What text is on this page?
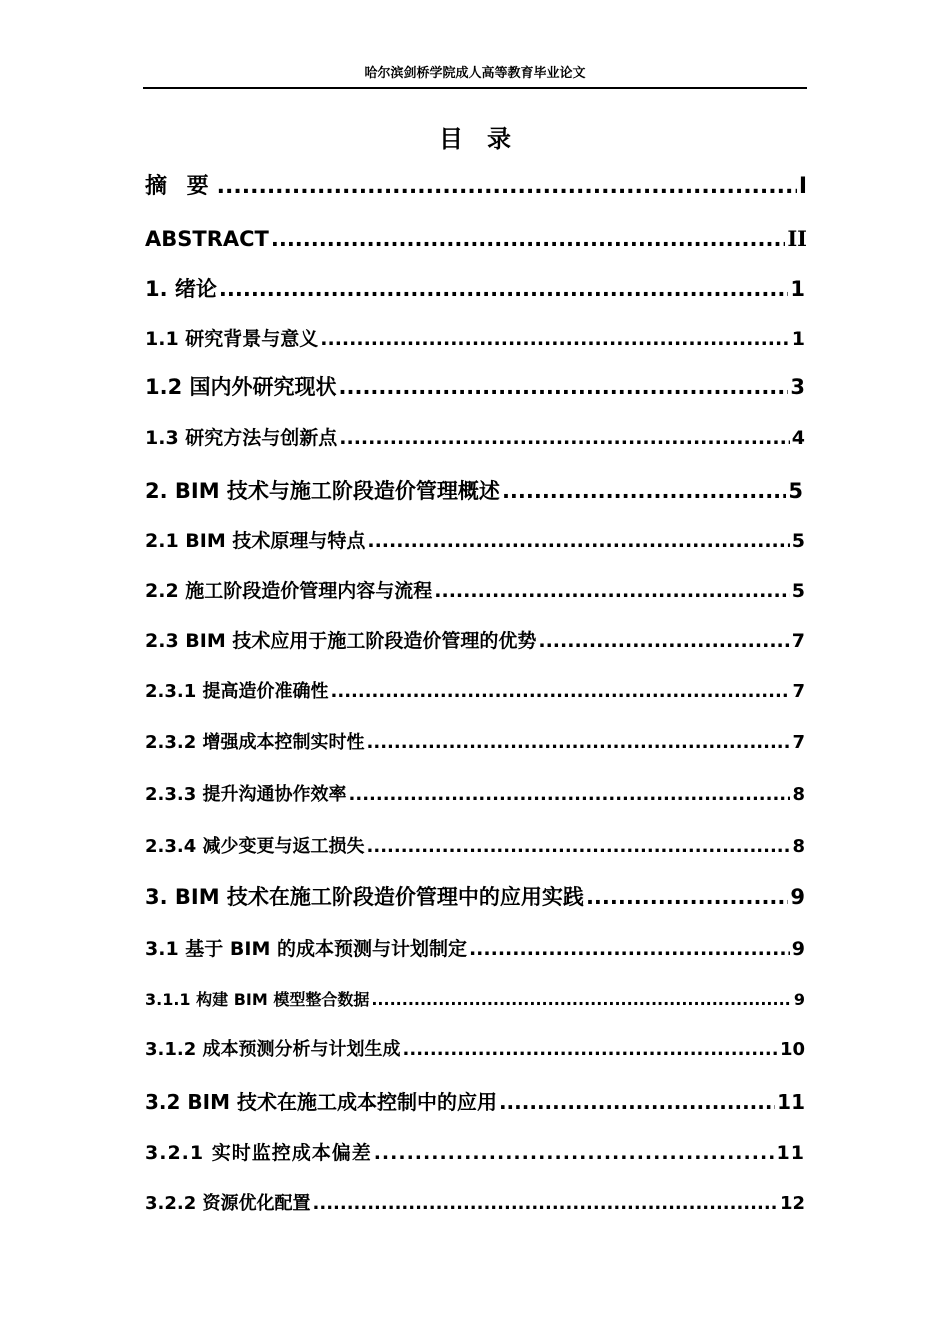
哈尔滨剑桥学院成人高等教育毕业论文
目录
摘 要 .....	I
ABSTRACT .....	II
1. 绪论 .....	1
1.1 研究背景与意义 .....	1
1.2 国内外研究现状 .....	3
1.3 研究方法与创新点 .....	4
2. BIM 技术与施工阶段造价管理概述 .....	5
2.1 BIM 技术原理与特点 .....	5
2.2 施工阶段造价管理内容与流程 .....	5
2.3 BIM 技术应用于施工阶段造价管理的优势 .....	7
2.3.1 提高造价准确性 .....	7
2.3.2 增强成本控制实时性 .....	7
2.3.3 提升沟通协作效率 .....	8
2.3.4 减少变更与返工损失 .....	8
3. BIM 技术在施工阶段造价管理中的应用实践 .....	9
3.1 基于 BIM 的成本预测与计划制定 .....	9
3.1.1 构建 BIM 模型整合数据 .....	9
3.1.2 成本预测分析与计划生成 .....	10
3.2 BIM 技术在施工成本控制中的应用 .....	11
3.2.1 实时监控成本偏差 .....	11
3.2.2 资源优化配置 .....	12
